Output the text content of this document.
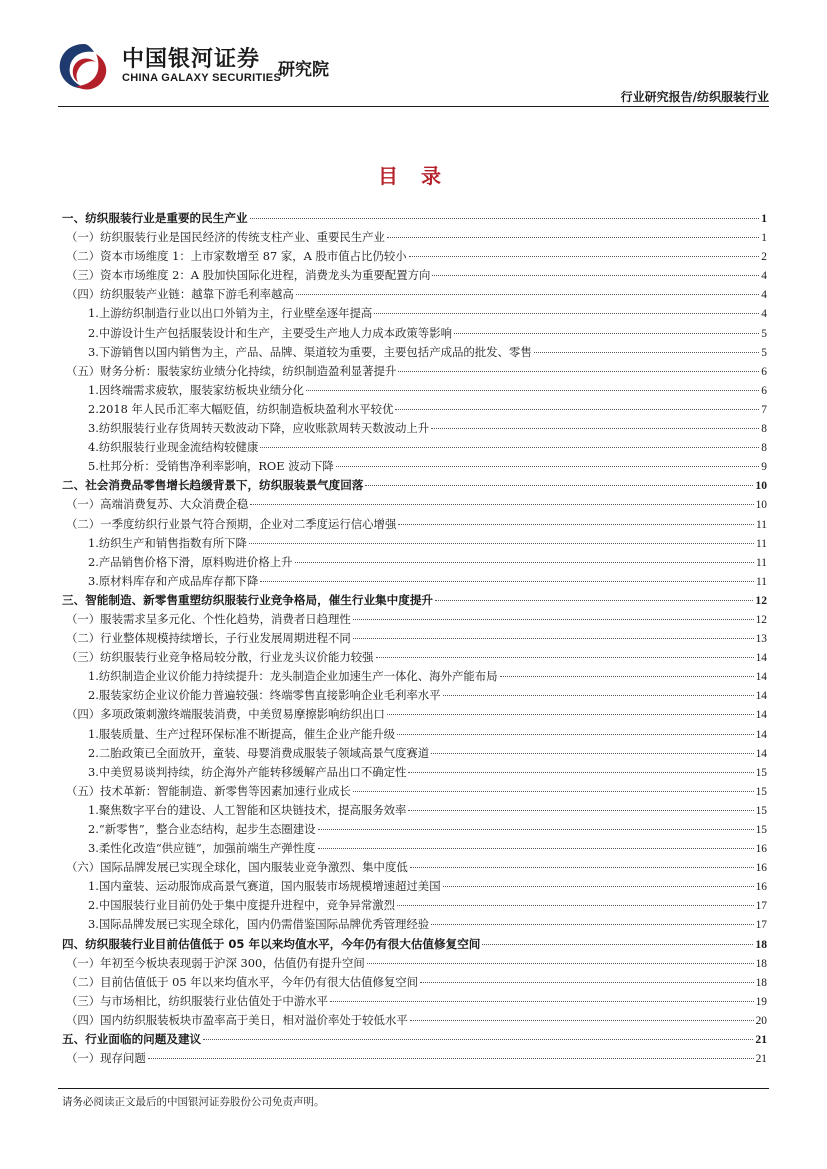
中国银河证券
CHINA GALAXY SECURITIES
研究院
行业研究报告/纺织服装行业
目 录
一、纺织服装行业是重要的民生产业	1
（一）纺织服装行业是国民经济的传统支柱产业、重要民生产业	1
（二）资本市场维度 1：上市家数增至 87 家，A 股市值占比仍较小	2
（三）资本市场维度 2：A 股加快国际化进程，消费龙头为重要配置方向	4
（四）纺织服装产业链：越靠下游毛利率越高	4
1.上游纺织制造行业以出口外销为主，行业壁垒逐年提高	4
2.中游设计生产包括服装设计和生产，主要受生产地人力成本政策等影响	5
3.下游销售以国内销售为主，产品、品牌、渠道较为重要，主要包括产成品的批发、零售	5
（五）财务分析：服装家纺业绩分化持续，纺织制造盈利显著提升	6
1.因终端需求疲软，服装家纺板块业绩分化	6
2.2018 年人民币汇率大幅贬值，纺织制造板块盈利水平较优	7
3.纺织服装行业存货周转天数波动下降，应收账款周转天数波动上升	8
4.纺织服装行业现金流结构较健康	8
5.杜邦分析：受销售净利率影响，ROE 波动下降	9
二、社会消费品零售增长趋缓背景下，纺织服装景气度回落	10
（一）高端消费复苏、大众消费企稳	10
（二）一季度纺织行业景气符合预期，企业对二季度运行信心增强	11
1.纺织生产和销售指数有所下降	11
2.产品销售价格下滑，原料购进价格上升	11
3.原材料库存和产成品库存都下降	11
三、智能制造、新零售重塑纺织服装行业竞争格局，催生行业集中度提升	12
（一）服装需求呈多元化、个性化趋势，消费者日趋理性	12
（二）行业整体规模持续增长，子行业发展周期进程不同	13
（三）纺织服装行业竞争格局较分散，行业龙头议价能力较强	14
1.纺织制造企业议价能力持续提升：龙头制造企业加速生产一体化、海外产能布局	14
2.服装家纺企业议价能力普遍较强：终端零售直接影响企业毛利率水平	14
（四）多项政策刺激终端服装消费，中美贸易摩擦影响纺织出口	14
1.服装质量、生产过程环保标准不断提高，催生企业产能升级	14
2.二胎政策已全面放开，童装、母婴消费成服装子领域高景气度赛道	14
3.中美贸易谈判持续，纺企海外产能转移缓解产品出口不确定性	15
（五）技术革新：智能制造、新零售等因素加速行业成长	15
1.聚焦数字平台的建设、人工智能和区块链技术，提高服务效率	15
2.“新零售”，整合业态结构，起步生态圈建设	15
3.柔性化改造“供应链”，加强前端生产弹性度	16
（六）国际品牌发展已实现全球化，国内服装业竞争激烈、集中度低	16
1.国内童装、运动服饰成高景气赛道，国内服装市场规模增速超过美国	16
2.中国服装行业目前仍处于集中度提升进程中，竞争异常激烈	17
3.国际品牌发展已实现全球化，国内仍需借鉴国际品牌优秀管理经验	17
四、纺织服装行业目前估值低于 05 年以来均值水平，今年仍有很大估值修复空间	18
（一）年初至今板块表现弱于沪深 300，估值仍有提升空间	18
（二）目前估值低于 05 年以来均值水平，今年仍有很大估值修复空间	18
（三）与市场相比，纺织服装行业估值处于中游水平	19
（四）国内纺织服装板块市盈率高于美日，相对溢价率处于较低水平	20
五、行业面临的问题及建议	21
（一）现存问题	21
请务必阅读正文最后的中国银河证券股份公司免责声明。
